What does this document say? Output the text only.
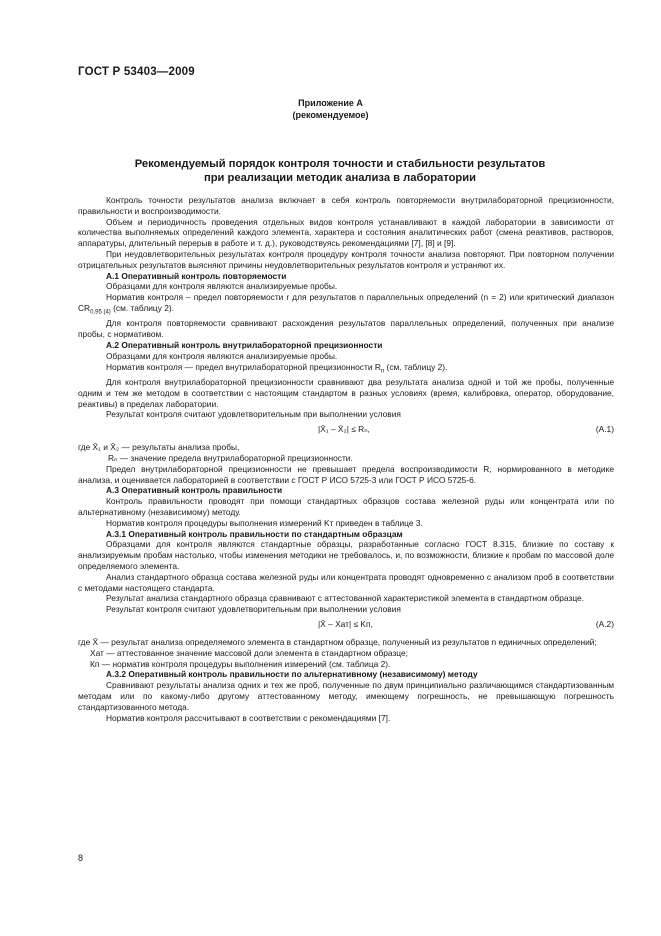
ГОСТ Р 53403—2009
Приложение А
(рекомендуемое)
Рекомендуемый порядок контроля точности и стабильности результатов
при реализации методик анализа в лаборатории

Контроль точности результатов анализа включает в себя контроль повторяемости внутрилабораторной прецизионности, правильности и воспроизводимости.

Объем и периодичность проведения отдельных видов контроля устанавливают в каждой лаборатории в зависимости от количества выполняемых определений каждого элемента, характера и состояния аналитических работ (смена реактивов, растворов, аппаратуры, длительный перерыв в работе и т. д.), руководствуясь рекомендациями [7], [8] и [9].

При неудовлетворительных результатах контроля процедуру контроля точности анализа повторяют. При повторном получении отрицательных результатов выясняют причины неудовлетворительных результатов контроля и устраняют их.

А.1 Оперативный контроль повторяемости

Образцами для контроля являются анализируемые пробы.

Норматив контроля – предел повторяемости r для результатов n параллельных определений (n = 2) или критический диапазон $CR_{0,95 (4)}$ (см. таблицу 2).

Для контроля повторяемости сравнивают расхождения результатов параллельных определений, полученных при анализе пробы, с нормативом.

А.2 Оперативный контроль внутрилабораторной прецизионности

Образцами для контроля являются анализируемые пробы.

Норматив контроля — предел внутрилабораторной прецизионности $R_n$ (см. таблицу 2).

Для контроля внутрилабораторной прецизионности сравнивают два результата анализа одной и той же пробы, полученные одним и тем же методом в соответствии с настоящим стандартом в разных условиях (время, калибровка, оператор, оборудование, реактивы) в пределах лаборатории.

Результат контроля считают удовлетворительным при выполнении условия

|X̄₁ – X̄₂| ≤ Rₙ,	(А.1)

где X̄₁ и X̄₂ — результаты анализа пробы,

Rₙ — значение предела внутрилабораторной прецизионности.

Предел внутрилабораторной прецизионности не превышает предела воспроизводимости R, нормированного в методике анализа, и оценивается лабораторией в соответствии с ГОСТ Р ИСО 5725-3 или ГОСТ Р ИСО 5725-6.

А.3 Оперативный контроль правильности

Контроль правильности проводят при помощи стандартных образцов состава железной руды или концентрата или по альтернативному (независимому) методу.

Норматив контроля процедуры выполнения измерений Kт приведен в таблице 3.

А.3.1 Оперативный контроль правильности по стандартным образцам

Образцами для контроля являются стандартные образцы, разработанные согласно ГОСТ 8.315, близкие по составу к анализируемым пробам настолько, чтобы изменения методики не требовалось, и, по возможности, близкие к пробам по массовой доле определяемого элемента.

Анализ стандартного образца состава железной руды или концентрата проводят одновременно с анализом проб в соответствии с методами настоящего стандарта.

Результат анализа стандартного образца сравнивают с аттестованной характеристикой элемента в стандартном образце.

Результат контроля считают удовлетворительным при выполнении условия

|X̄ – Xат| ≤ Kп,	(А.2)

где X̄ — результат анализа определяемого элемента в стандартном образце, полученный из результатов n единичных определений;

Xат — аттестованное значение массовой доли элемента в стандартном образце;

Кп — норматив контроля процедуры выполнения измерений (см. таблица 2).

А.3.2 Оперативный контроль правильности по альтернативному (независимому) методу

Сравнивают результаты анализа одних и тех же проб, полученные по двум принципиально различающимся стандартизованным методам или по какому-либо другому аттестованному методу, имеющему погрешность, не превышающую погрешность стандартизованного метода.

Норматив контроля рассчитывают в соответствии с рекомендациями [7].

8
